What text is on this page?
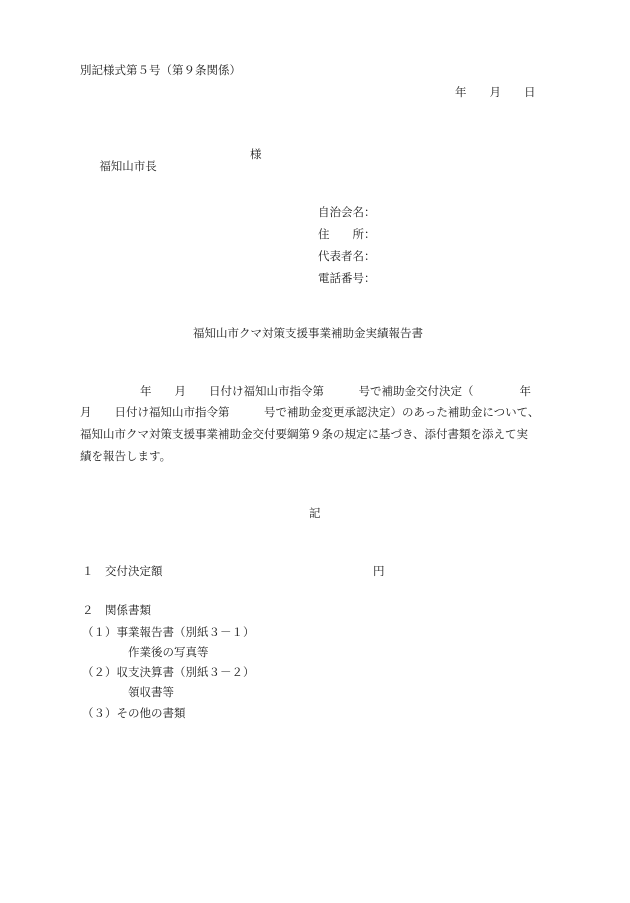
別記様式第５号（第９条関係）
年　　月　　日

福知山市長

様

自治会名：
住　　所：
代表者名：
電話番号：
福知山市クマ対策支援事業補助金実績報告書
年　　月　　日付け福知山市指令第　　　号で補助金交付決定（　　　　年
月　　日付け福知山市指令第　　　号で補助金変更承認決定）のあった補助金について、
福知山市クマ対策支援事業補助金交付要綱第９条の規定に基づき、添付書類を添えて実
績を報告します。
記
１　交付決定額	円
２　関係書類
（１）事業報告書（別紙３－１）
作業後の写真等
（２）収支決算書（別紙３－２）
領収書等
（３）その他の書類
